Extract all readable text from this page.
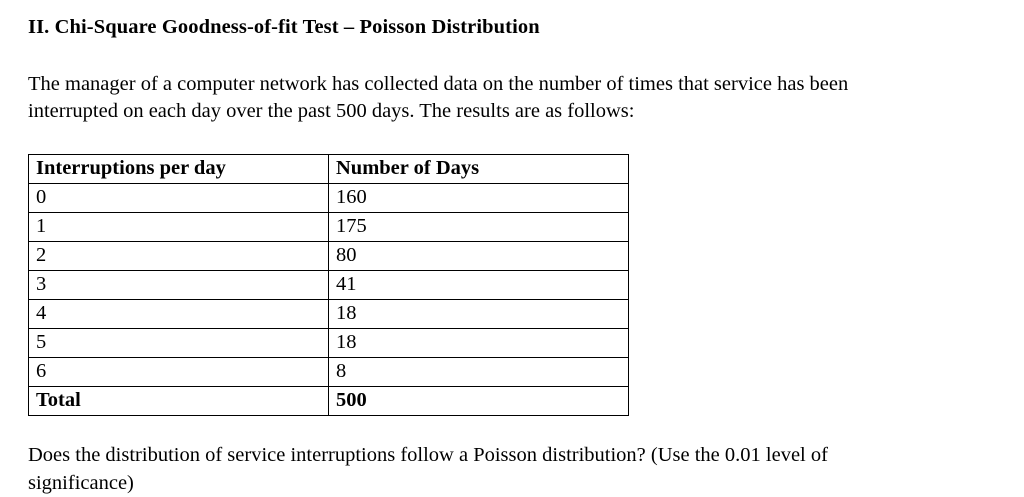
II. Chi-Square Goodness-of-fit Test – Poisson Distribution

The manager of a computer network has collected data on the number of times that service has been interrupted on each day over the past 500 days. The results are as follows:

Interruptions per day	Number of Days
0	160
1	175
2	80
3	41
4	18
5	18
6	8
Total	500

Does the distribution of service interruptions follow a Poisson distribution? (Use the 0.01 level of significance)
